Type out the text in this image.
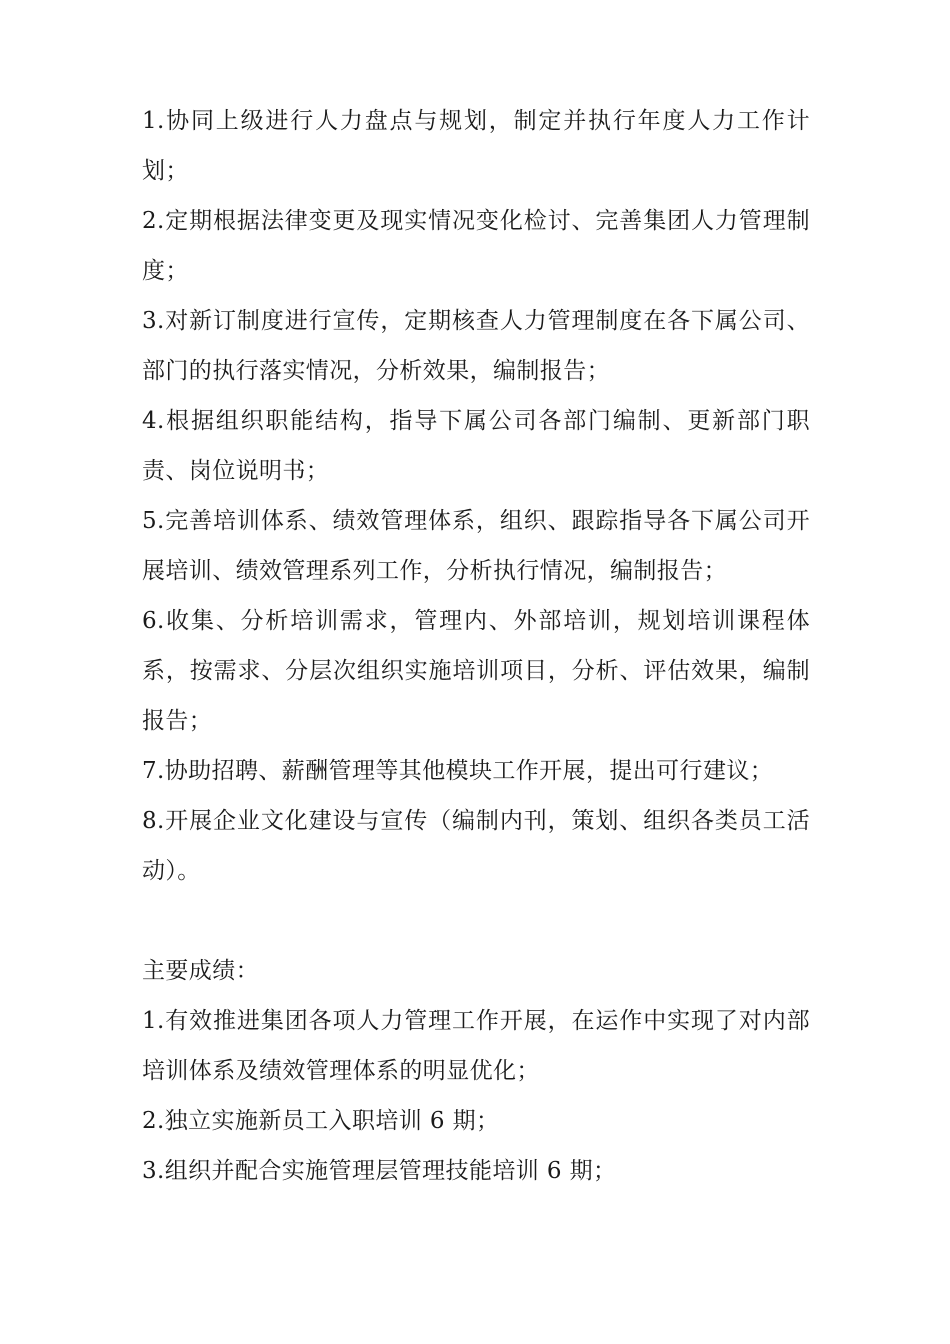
1.协同上级进行人力盘点与规划，制定并执行年度人力工作计划；

2.定期根据法律变更及现实情况变化检讨、完善集团人力管理制度；

3.对新订制度进行宣传，定期核查人力管理制度在各下属公司、部门的执行落实情况，分析效果，编制报告；

4.根据组织职能结构，指导下属公司各部门编制、更新部门职责、岗位说明书；

5.完善培训体系、绩效管理体系，组织、跟踪指导各下属公司开展培训、绩效管理系列工作，分析执行情况，编制报告；

6.收集、分析培训需求，管理内、外部培训，规划培训课程体系，按需求、分层次组织实施培训项目，分析、评估效果，编制报告；

7.协助招聘、薪酬管理等其他模块工作开展，提出可行建议；

8.开展企业文化建设与宣传（编制内刊，策划、组织各类员工活动）。

主要成绩：

1.有效推进集团各项人力管理工作开展，在运作中实现了对内部培训体系及绩效管理体系的明显优化；

2.独立实施新员工入职培训 6 期；

3.组织并配合实施管理层管理技能培训 6 期；
